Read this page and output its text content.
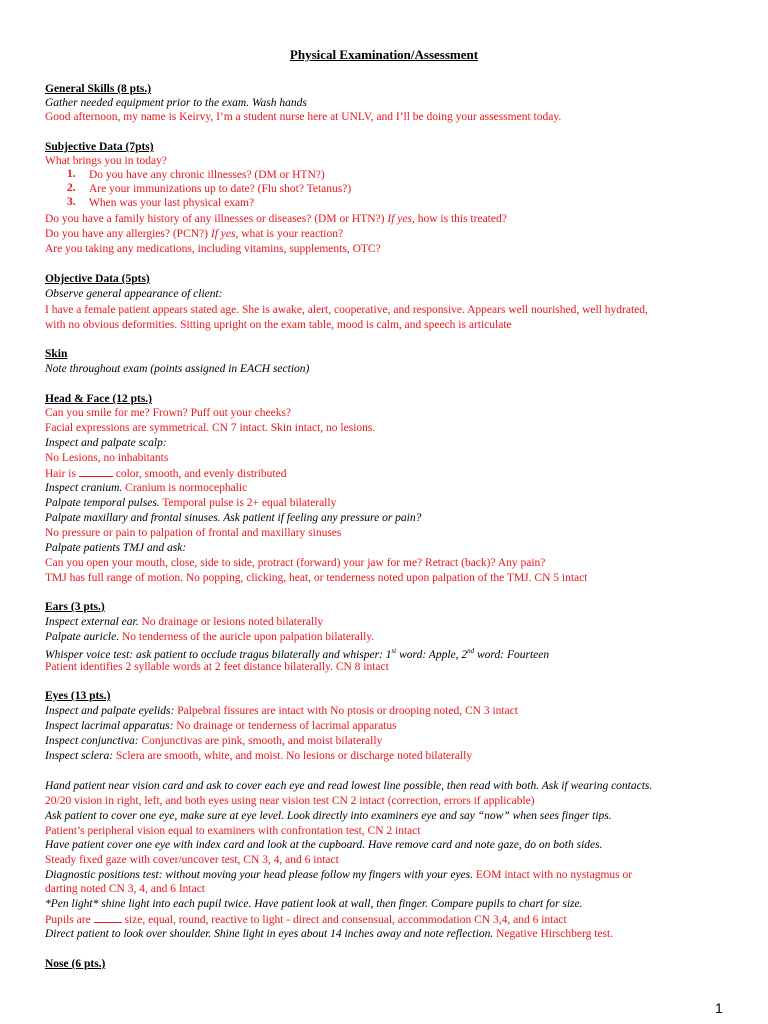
Physical Examination/Assessment
General Skills (8 pts.)
Gather needed equipment prior to the exam. Wash hands
Good afternoon, my name is Keirvy, I’m a student nurse here at UNLV, and I’ll be doing your assessment today.
Subjective Data (7pts)
What brings you in today?
1.	Do you have any chronic illnesses? (DM or HTN?)
2.	Are your immunizations up to date? (Flu shot? Tetanus?)
3.	When was your last physical exam?
Do you have a family history of any illnesses or diseases? (DM or HTN?) If yes, how is this treated?
Do you have any allergies? (PCN?) If yes, what is your reaction?
Are you taking any medications, including vitamins, supplements, OTC?
Objective Data (5pts)
Observe general appearance of client:
I have a female patient appears stated age. She is awake, alert, cooperative, and responsive. Appears well nourished, well hydrated,
with no obvious deformities. Sitting upright on the exam table, mood is calm, and speech is articulate
Skin
Note throughout exam (points assigned in EACH section)
Head & Face (12 pts.)
Can you smile for me? Frown? Puff out your cheeks?
Facial expressions are symmetrical. CN 7 intact. Skin intact, no lesions.
Inspect and palpate scalp:
No Lesions, no inhabitants
Hair is	color, smooth, and evenly distributed
Inspect cranium. Cranium is normocephalic
Palpate temporal pulses. Temporal pulse is 2+ equal bilaterally
Palpate maxillary and frontal sinuses. Ask patient if feeling any pressure or pain?
No pressure or pain to palpation of frontal and maxillary sinuses
Palpate patients TMJ and ask:
Can you open your mouth, close, side to side, protract (forward) your jaw for me? Retract (back)? Any pain?
TMJ has full range of motion. No popping, clicking, heat, or tenderness noted upon palpation of the TMJ. CN 5 intact
Ears (3 pts.)
Inspect external ear. No drainage or lesions noted bilaterally
Palpate auricle. No tenderness of the auricle upon palpation bilaterally.
Whisper voice test: ask patient to occlude tragus bilaterally and whisper: 1st word: Apple, 2nd word: Fourteen
Patient identifies 2 syllable words at 2 feet distance bilaterally. CN 8 intact
Eyes (13 pts.)
Inspect and palpate eyelids: Palpebral fissures are intact with No ptosis or drooping noted, CN 3 intact
Inspect lacrimal apparatus: No drainage or tenderness of lacrimal apparatus
Inspect conjunctiva: Conjunctivas are pink, smooth, and moist bilaterally
Inspect sclera: Sclera are smooth, white, and moist. No lesions or discharge noted bilaterally
Hand patient near vision card and ask to cover each eye and read lowest line possible, then read with both. Ask if wearing contacts.
20/20 vision in right, left, and both eyes using near vision test CN 2 intact (correction, errors if applicable)
Ask patient to cover one eye, make sure at eye level. Look directly into examiners eye and say “now” when sees finger tips.
Patient’s peripheral vision equal to examiners with confrontation test, CN 2 intact
Have patient cover one eye with index card and look at the cupboard. Have remove card and note gaze, do on both sides.
Steady fixed gaze with cover/uncover test, CN 3, 4, and 6 intact
Diagnostic positions test: without moving your head please follow my fingers with your eyes. EOM intact with no nystagmus or
darting noted CN 3, 4, and 6 Intact
*Pen light* shine light into each pupil twice. Have patient look at wall, then finger. Compare pupils to chart for size.
Pupils are  size, equal, round, reactive to light - direct and consensual, accommodation CN 3,4, and 6 intact
Direct patient to look over shoulder. Shine light in eyes about 14 inches away and note reflection. Negative Hirschberg test.
Nose (6 pts.)
1
